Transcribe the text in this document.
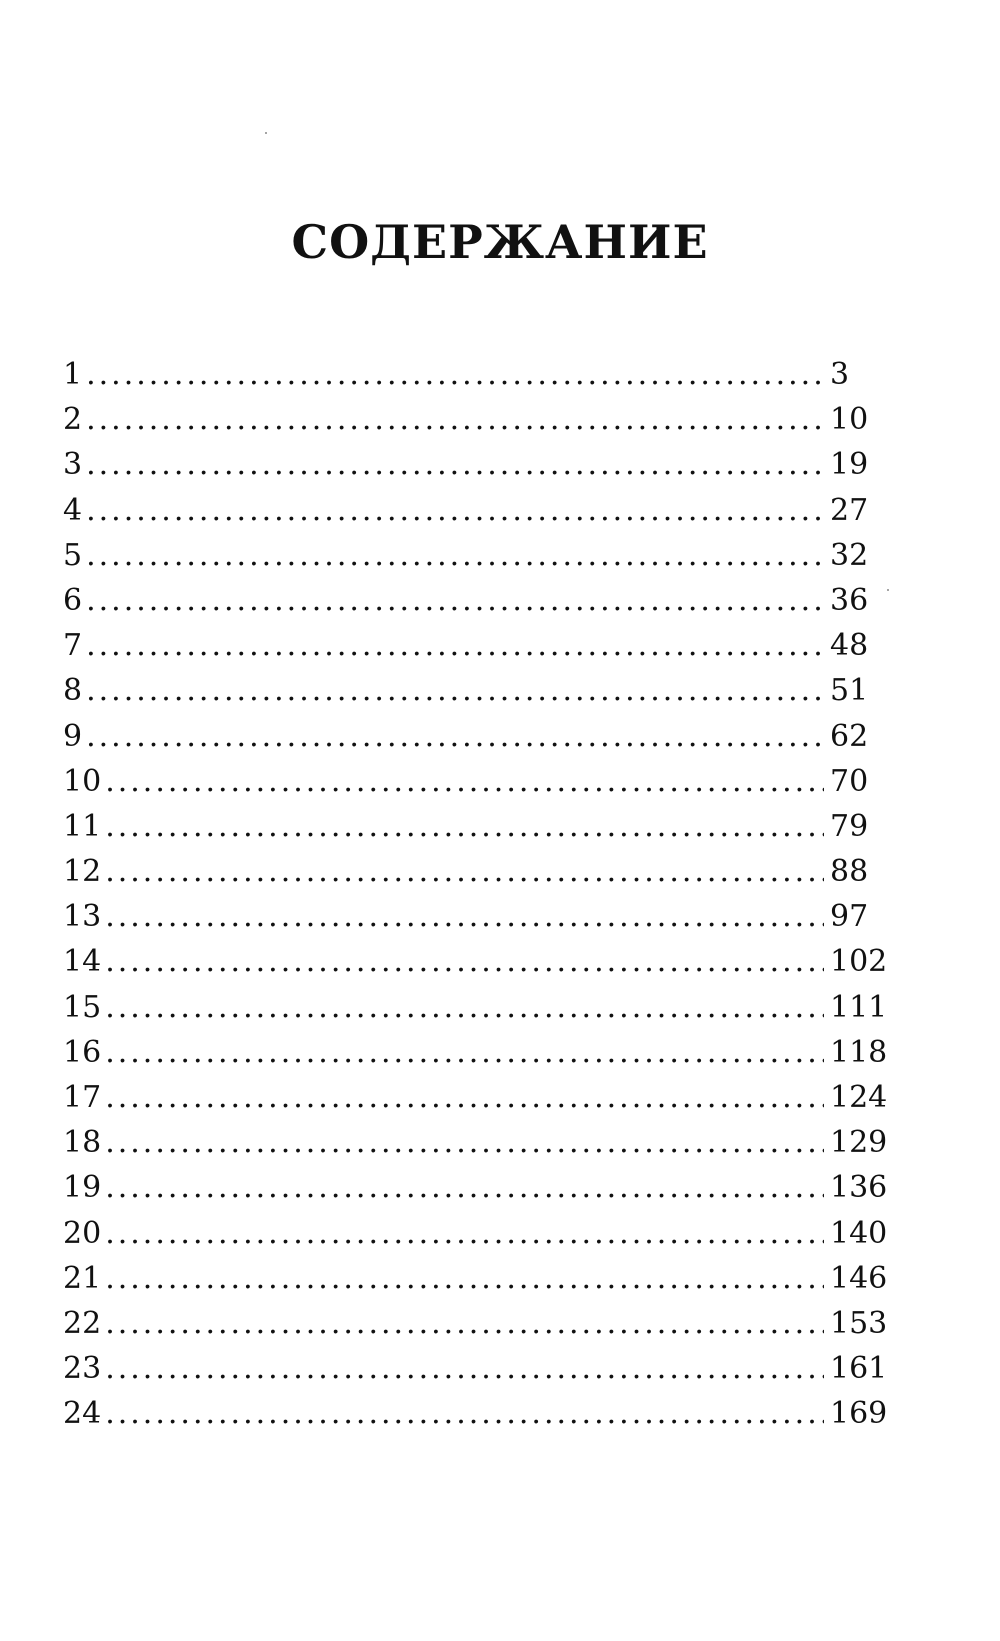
СОДЕРЖАНИЕ
1 .....	3
2 .....	10
3 .....	19
4 .....	27
5 .....	32
6 .....	36
7 .....	48
8 .....	51
9 .....	62
10 .....	70
11 .....	79
12 .....	88
13 .....	97
14 .....	102
15 .....	111
16 .....	118
17 .....	124
18 .....	129
19 .....	136
20 .....	140
21 .....	146
22 .....	153
23 .....	161
24 .....	169
